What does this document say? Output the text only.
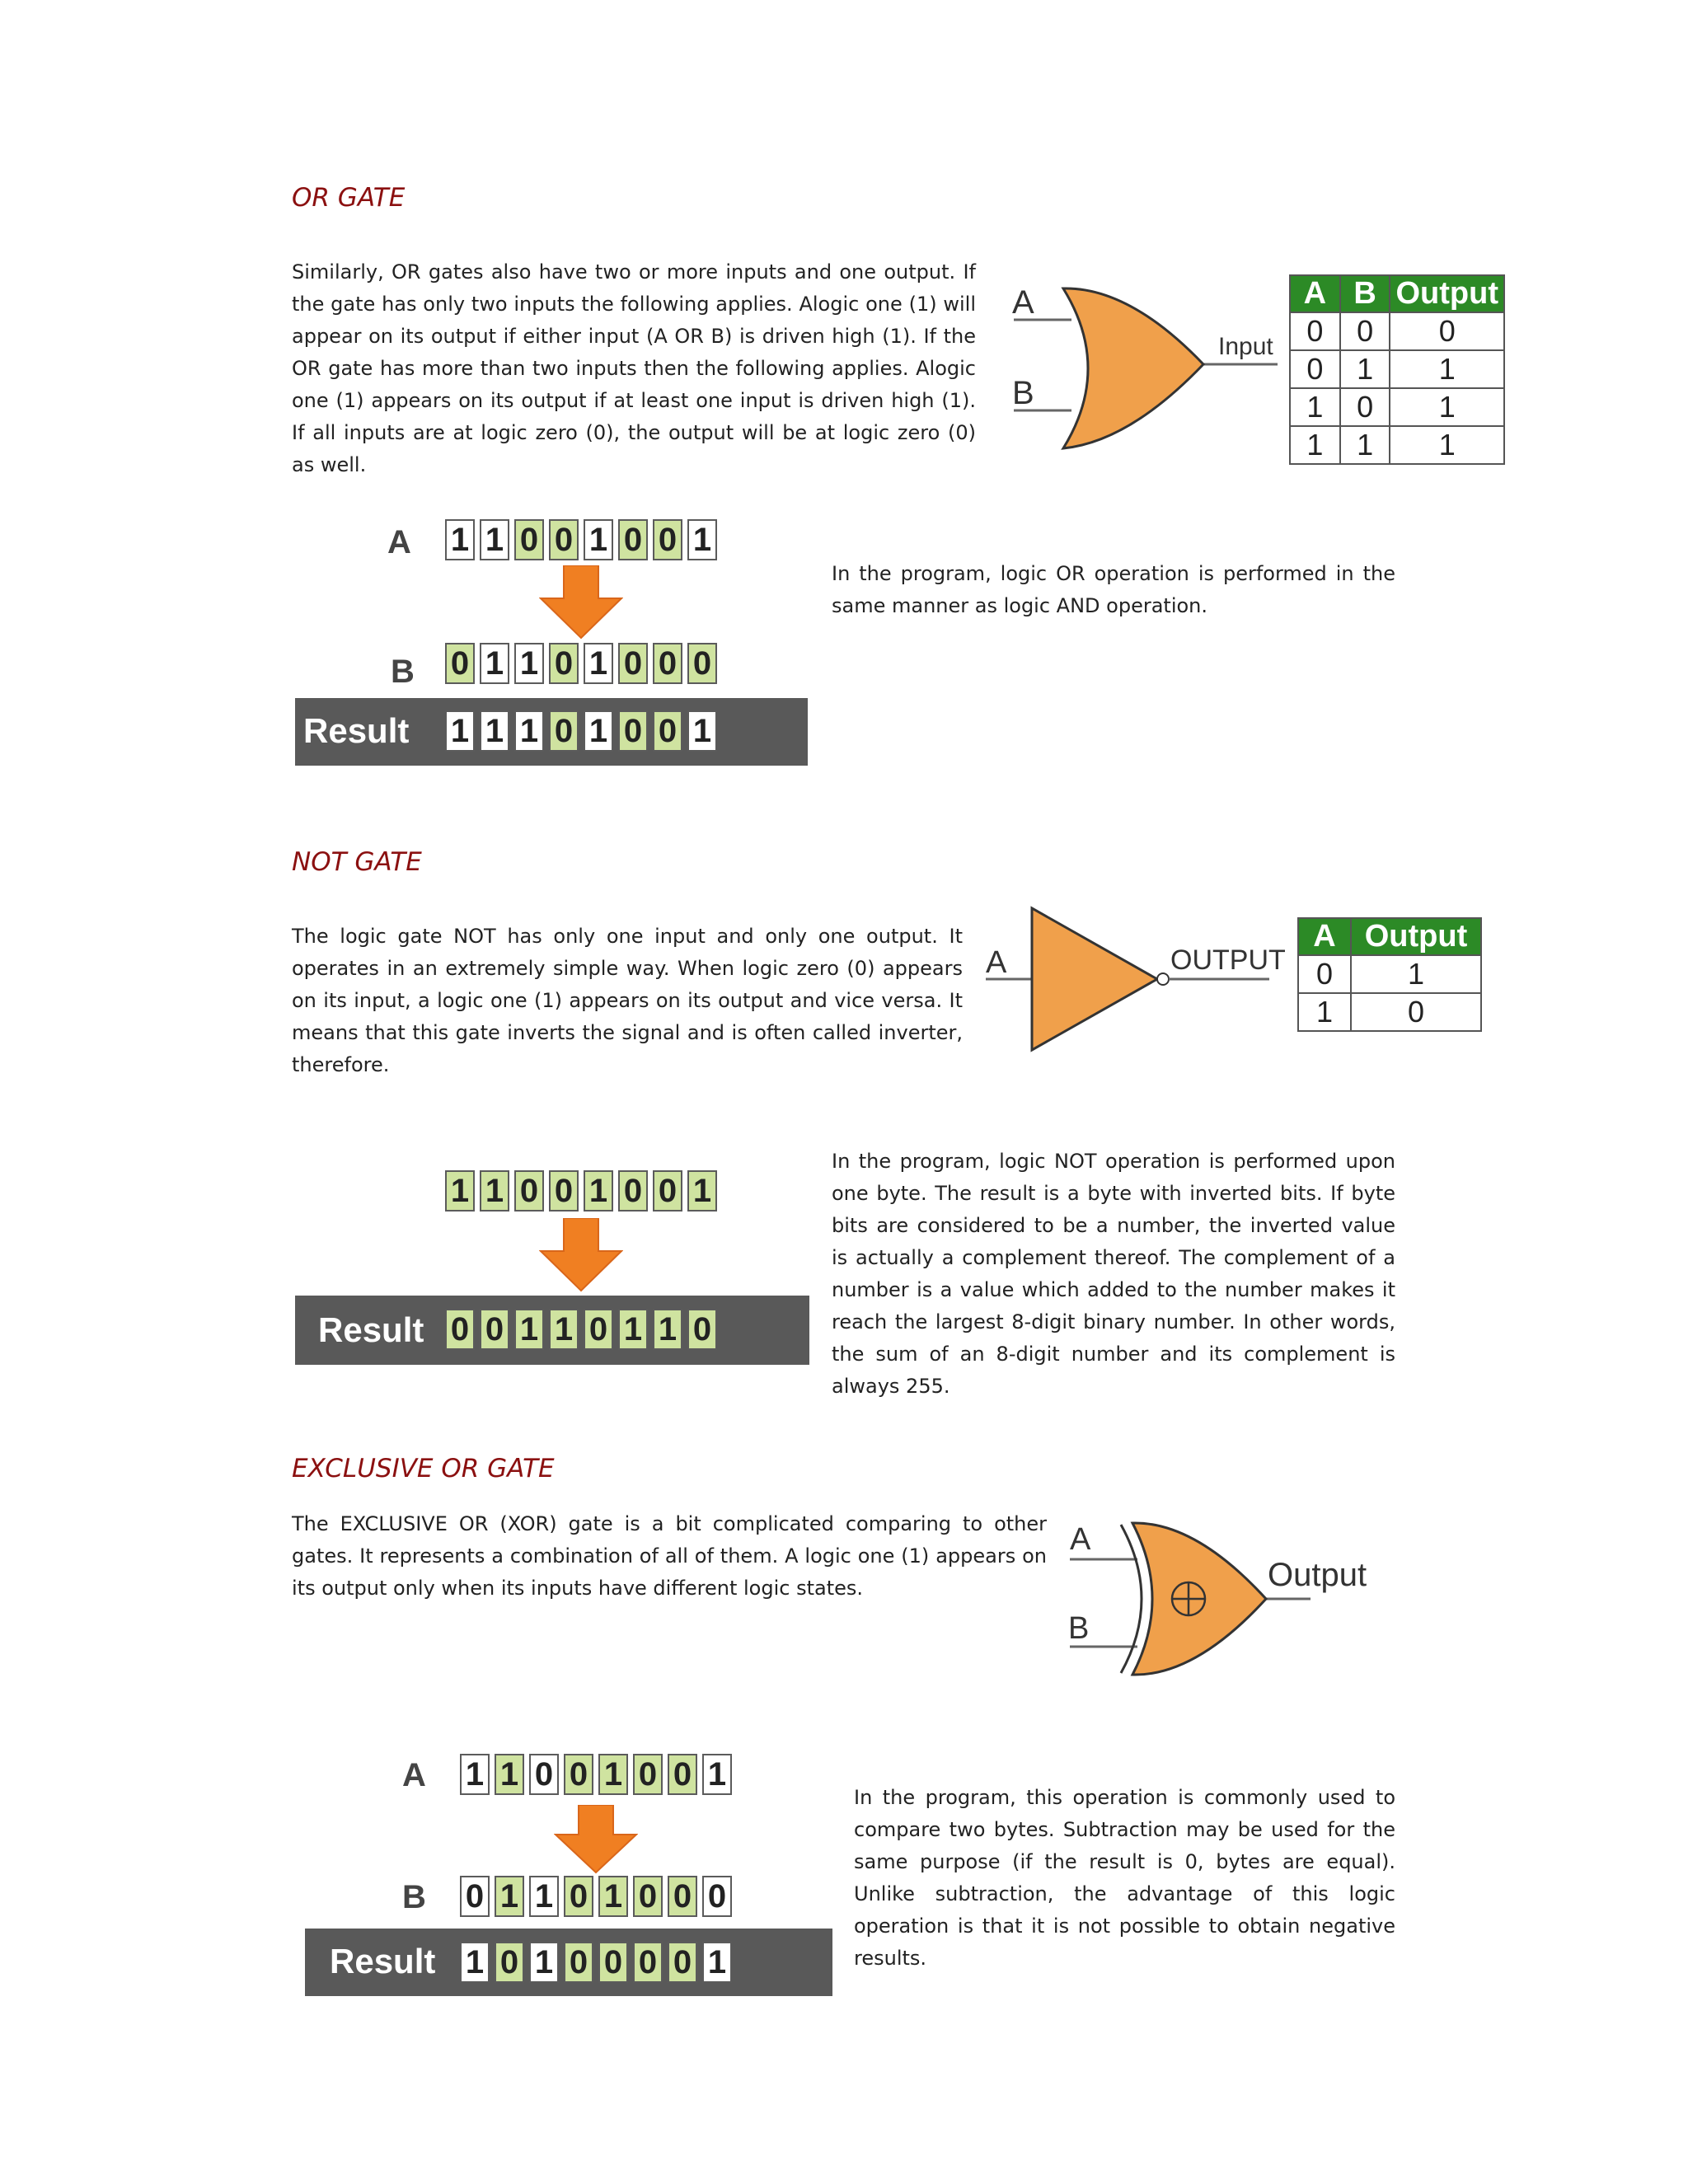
OR GATE
Similarly, OR gates also have two or more inputs and one output. If the gate has only two inputs the following applies. Alogic one (1) will appear on its output if either input (A OR B) is driven high (1). If the OR gate has more than two inputs then the following applies. Alogic one (1) appears on its output if at least one input is driven high (1). If all inputs are at logic zero (0), the output will be at logic zero (0) as well.
A
B
Input
A	B	Output
0	0	0
0	1	1
1	0	1
1	1	1
A
B
Result
1 1 0 0 1 0 0 1
0 1 1 0 1 0 0 0
1 1 1 0 1 0 0 1
In the program, logic OR operation is performed in the same manner as logic AND operation.
NOT GATE
The logic gate NOT has only one input and only one output. It operates in an extremely simple way. When logic zero (0) appears on its input, a logic one (1) appears on its output and vice versa. It means that this gate inverts the signal and is often called inverter, therefore.
A	OUTPUT
A	Output
0	1
1	0
Result
1 1 0 0 1 0 0 1
0 0 1 1 0 1 1 0
In the program, logic NOT operation is performed upon one byte. The result is a byte with inverted bits. If byte bits are considered to be a number, the inverted value is actually a complement thereof. The complement of a number is a value which added to the number makes it reach the largest 8-digit binary number. In other words, the sum of an 8-digit number and its complement is always 255.
EXCLUSIVE OR GATE
The EXCLUSIVE OR (XOR) gate is a bit complicated comparing to other gates. It represents a combination of all of them. A logic one (1) appears on its output only when its inputs have different logic states.
A
B
Output
A
B
Result
1 1 0 0 1 0 0 1
0 1 1 0 1 0 0 0
1 0 1 0 0 0 0 1
In the program, this operation is commonly used to compare two bytes. Subtraction may be used for the same purpose (if the result is 0, bytes are equal). Unlike subtraction, the advantage of this logic operation is that it is not possible to obtain negative results.
